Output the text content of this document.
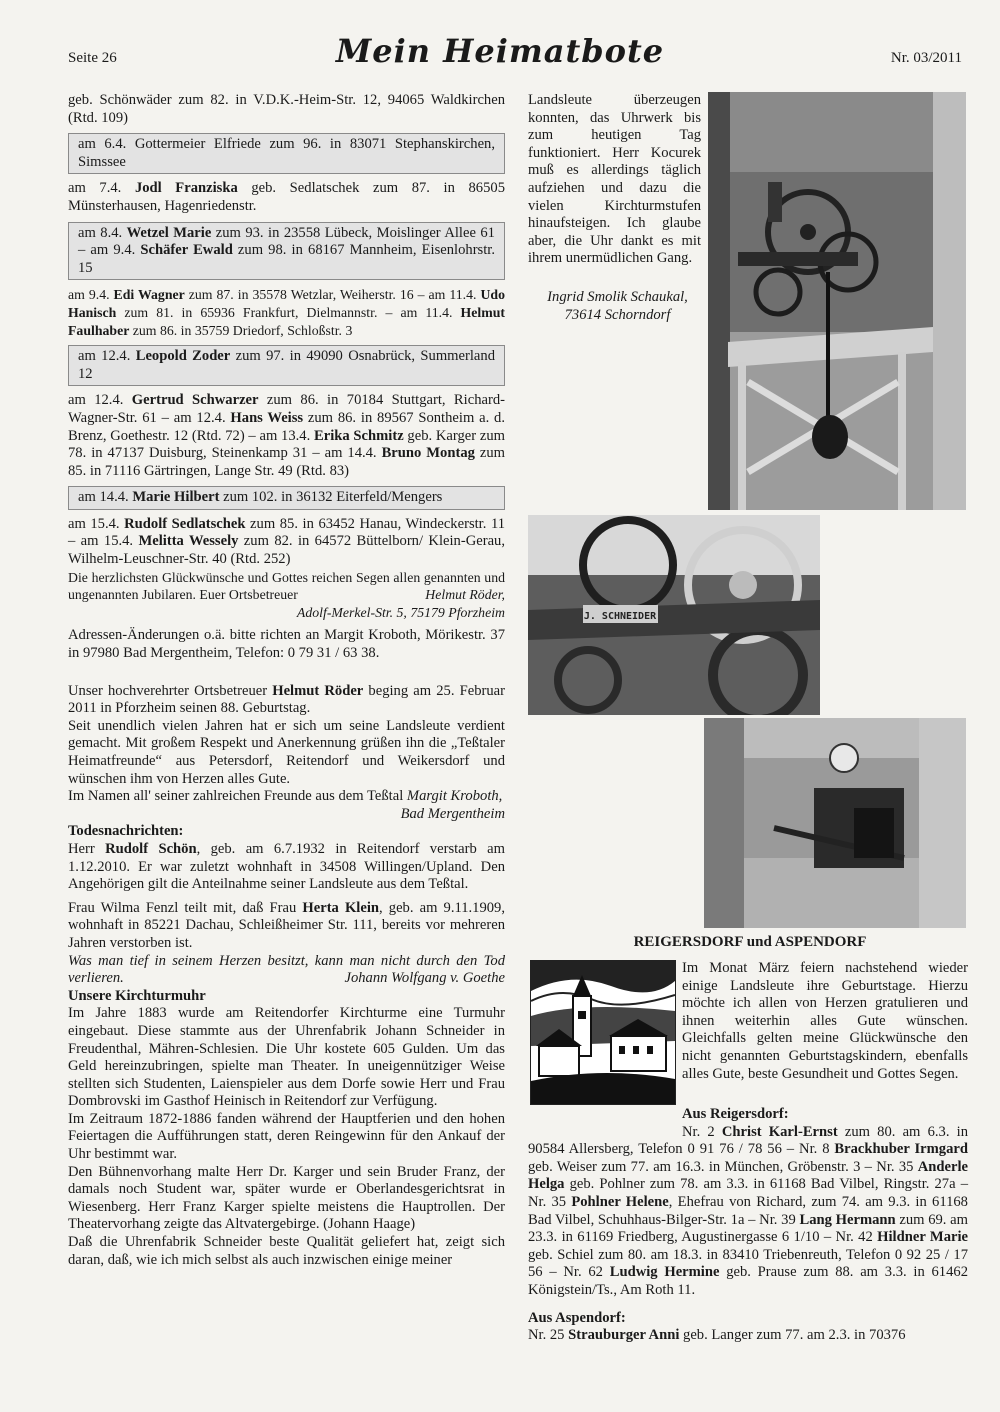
Seite 26	Mein Heimatbote	Nr. 03/2011

geb. Schönwäder zum 82. in V.D.K.-Heim-Str. 12, 94065 Waldkirchen (Rtd. 109)

am 6.4. Gottermeier Elfriede zum 96. in 83071 Stephanskirchen, Simssee

am 7.4. Jodl Franziska geb. Sedlatschek zum 87. in 86505 Münsterhausen, Hagenriedenstr.

am 8.4. Wetzel Marie zum 93. in 23558 Lübeck, Moislinger Allee 61 – am 9.4. Schäfer Ewald zum 98. in 68167 Mannheim, Eisenlohrstr. 15

am 9.4. Edi Wagner zum 87. in 35578 Wetzlar, Weiherstr. 16 – am 11.4. Udo Hanisch zum 81. in 65936 Frankfurt, Dielmannstr. – am 11.4. Helmut Faulhaber zum 86. in 35759 Driedorf, Schloßstr. 3

am 12.4. Leopold Zoder zum 97. in 49090 Osnabrück, Summerland 12

am 12.4. Gertrud Schwarzer zum 86. in 70184 Stuttgart, Richard-Wagner-Str. 61 – am 12.4. Hans Weiss zum 86. in 89567 Sontheim a. d. Brenz, Goethestr. 12 (Rtd. 72) – am 13.4. Erika Schmitz geb. Karger zum 78. in 47137 Duisburg, Steinenkamp 31 – am 14.4. Bruno Montag zum 85. in 71116 Gärtringen, Lange Str. 49 (Rtd. 83)

am 14.4. Marie Hilbert zum 102. in 36132 Eiterfeld/Mengers

am 15.4. Rudolf Sedlatschek zum 85. in 63452 Hanau, Windeckerstr. 11 – am 15.4. Melitta Wessely zum 82. in 64572 Büttelborn/ Klein-Gerau, Wilhelm-Leuschner-Str. 40 (Rtd. 252)

Die herzlichsten Glückwünsche und Gottes reichen Segen allen genannten und ungenannten Jubilaren. Euer Ortsbetreuer	Helmut Röder,

Adolf-Merkel-Str. 5, 75179 Pforzheim

Adressen-Änderungen o.ä. bitte richten an Margit Kroboth, Mörikestr. 37 in 97980 Bad Mergentheim, Telefon: 0 79 31 / 63 38.

Unser hochverehrter Ortsbetreuer Helmut Röder beging am 25. Februar 2011 in Pforzheim seinen 88. Geburtstag.

Seit unendlich vielen Jahren hat er sich um seine Landsleute verdient gemacht. Mit großem Respekt und Anerkennung grüßen ihn die „Teßtaler Heimatfreunde“ aus Petersdorf, Reitendorf und Weikersdorf und wünschen ihm von Herzen alles Gute.

Im Namen all' seiner zahlreichen Freunde aus dem Teßtal Margit Kroboth,

Bad Mergentheim

Todesnachrichten:

Herr Rudolf Schön, geb. am 6.7.1932 in Reitendorf verstarb am 1.12.2010. Er war zuletzt wohnhaft in 34508 Willingen/Upland. Den Angehörigen gilt die Anteilnahme seiner Landsleute aus dem Teßtal.

Frau Wilma Fenzl teilt mit, daß Frau Herta Klein, geb. am 9.11.1909, wohnhaft in 85221 Dachau, Schleißheimer Str. 111, bereits vor mehreren Jahren verstorben ist.

Was man tief in seinem Herzen besitzt, kann man nicht durch den Tod verlieren.	Johann Wolfgang v. Goethe

Unsere Kirchturmuhr

Im Jahre 1883 wurde am Reitendorfer Kirchturme eine Turmuhr eingebaut. Diese stammte aus der Uhrenfabrik Johann Schneider in Freudenthal, Mähren-Schlesien. Die Uhr kostete 605 Gulden. Um das Geld hereinzubringen, spielte man Theater. In uneigennütziger Weise stellten sich Studenten, Laienspieler aus dem Dorfe sowie Herr und Frau Dombrovski im Gasthof Heinisch in Reitendorf zur Verfügung.

Im Zeitraum 1872-1886 fanden während der Hauptferien und den hohen Feiertagen die Aufführungen statt, deren Reingewinn für den Ankauf der Uhr bestimmt war.

Den Bühnenvorhang malte Herr Dr. Karger und sein Bruder Franz, der damals noch Student war, später wurde er Oberlandesgerichtsrat in Wiesenberg. Herr Franz Karger spielte meistens die Hauptrollen. Der Theatervorhang zeigte das Altvatergebirge. (Johann Haage)

Daß die Uhrenfabrik Schneider beste Qualität geliefert hat, zeigt sich daran, daß, wie ich mich selbst als auch inzwischen einige meiner

Landsleute überzeugen konnten, das Uhrwerk bis zum heutigen Tag funktioniert. Herr Kocurek muß es allerdings täglich aufziehen und dazu die vielen Kirchturmstufen hinaufsteigen. Ich glaube aber, die Uhr dankt es mit ihrem unermüdlichen Gang.
Ingrid Smolik Schaukal,
73614 Schorndorf
J. SCHNEIDER
REIGERSDORF und ASPENDORF
Im Monat März feiern nachstehend wieder einige Landsleute ihre Geburtstage. Hierzu möchte ich allen von Herzen gratulieren und ihnen weiterhin alles Gute wünschen. Gleichfalls gelten meine Glückwünsche den nicht genannten Geburtstagskindern, ebenfalls alles Gute, beste Gesundheit und Gottes Segen.

Aus Reigersdorf:

Nr. 2 Christ Karl-Ernst zum 80. am 6.3. in 90584 Allersberg, Telefon 0 91 76 / 78 56 – Nr. 8 Brackhuber Irmgard geb. Weiser zum 77. am 16.3. in München, Gröbenstr. 3 – Nr. 35 Anderle Helga geb. Pohlner zum 78. am 3.3. in 61168 Bad Vilbel, Ringstr. 27a – Nr. 35 Pohlner Helene, Ehefrau von Richard, zum 74. am 9.3. in 61168 Bad Vilbel, Schuhhaus-Bilger-Str. 1a – Nr. 39 Lang Hermann zum 69. am 23.3. in 61169 Friedberg, Augustinergasse 6 1/10 – Nr. 42 Hildner Marie geb. Schiel zum 80. am 18.3. in 83410 Triebenreuth, Telefon 0 92 25 / 17 56 – Nr. 62 Ludwig Hermine geb. Prause zum 88. am 3.3. in 61462 Königstein/Ts., Am Roth 11.

Aus Aspendorf:

Nr. 25 Strauburger Anni geb. Langer zum 77. am 2.3. in 70376
